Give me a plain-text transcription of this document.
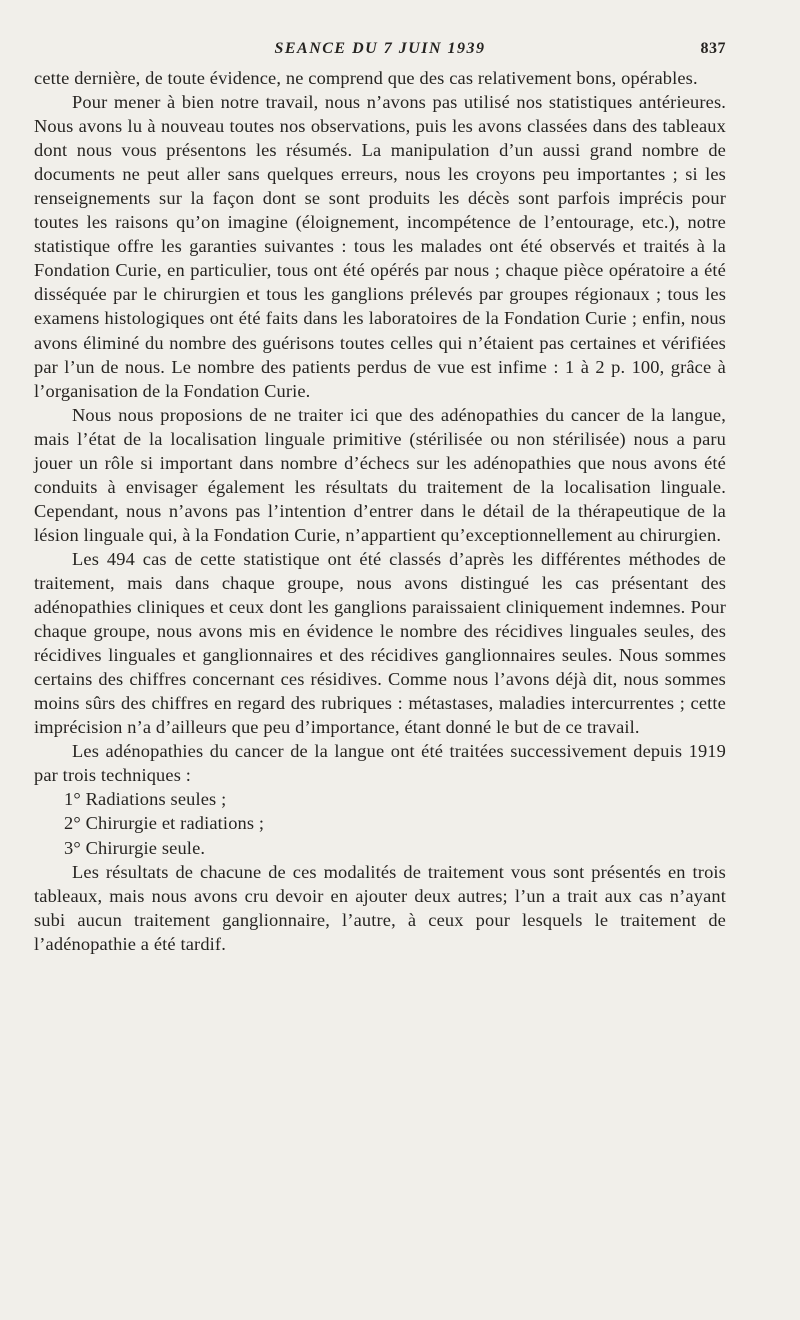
SEANCE DU 7 JUIN 1939	837

cette dernière, de toute évidence, ne comprend que des cas relativement bons, opérables.

Pour mener à bien notre travail, nous n’avons pas utilisé nos statistiques antérieures. Nous avons lu à nouveau toutes nos observations, puis les avons classées dans des tableaux dont nous vous présentons les résumés. La manipulation d’un aussi grand nombre de documents ne peut aller sans quelques erreurs, nous les croyons peu importantes ; si les renseignements sur la façon dont se sont produits les décès sont parfois imprécis pour toutes les raisons qu’on imagine (éloignement, incompétence de l’entourage, etc.), notre statistique offre les garanties suivantes : tous les malades ont été observés et traités à la Fondation Curie, en particulier, tous ont été opérés par nous ; chaque pièce opératoire a été disséquée par le chirurgien et tous les ganglions prélevés par groupes régionaux ; tous les examens histologiques ont été faits dans les laboratoires de la Fondation Curie ; enfin, nous avons éliminé du nombre des guérisons toutes celles qui n’étaient pas certaines et vérifiées par l’un de nous. Le nombre des patients perdus de vue est infime : 1 à 2 p. 100, grâce à l’organisation de la Fondation Curie.

Nous nous proposions de ne traiter ici que des adénopathies du cancer de la langue, mais l’état de la localisation linguale primitive (stérilisée ou non stérilisée) nous a paru jouer un rôle si important dans nombre d’échecs sur les adénopathies que nous avons été conduits à envisager également les résultats du traitement de la localisation linguale. Cependant, nous n’avons pas l’intention d’entrer dans le détail de la thérapeutique de la lésion linguale qui, à la Fondation Curie, n’appartient qu’exceptionnellement au chirurgien.

Les 494 cas de cette statistique ont été classés d’après les différentes méthodes de traitement, mais dans chaque groupe, nous avons distingué les cas présentant des adénopathies cliniques et ceux dont les ganglions paraissaient cliniquement indemnes. Pour chaque groupe, nous avons mis en évidence le nombre des récidives linguales seules, des récidives linguales et ganglionnaires et des récidives ganglionnaires seules. Nous sommes certains des chiffres concernant ces résidives. Comme nous l’avons déjà dit, nous sommes moins sûrs des chiffres en regard des rubriques : métastases, maladies intercurrentes ; cette imprécision n’a d’ailleurs que peu d’importance, étant donné le but de ce travail.

Les adénopathies du cancer de la langue ont été traitées successivement depuis 1919 par trois techniques :

1° Radiations seules ;

2° Chirurgie et radiations ;

3° Chirurgie seule.

Les résultats de chacune de ces modalités de traitement vous sont présentés en trois tableaux, mais nous avons cru devoir en ajouter deux autres; l’un a trait aux cas n’ayant subi aucun traitement ganglionnaire, l’autre, à ceux pour lesquels le traitement de l’adénopathie a été tardif.
